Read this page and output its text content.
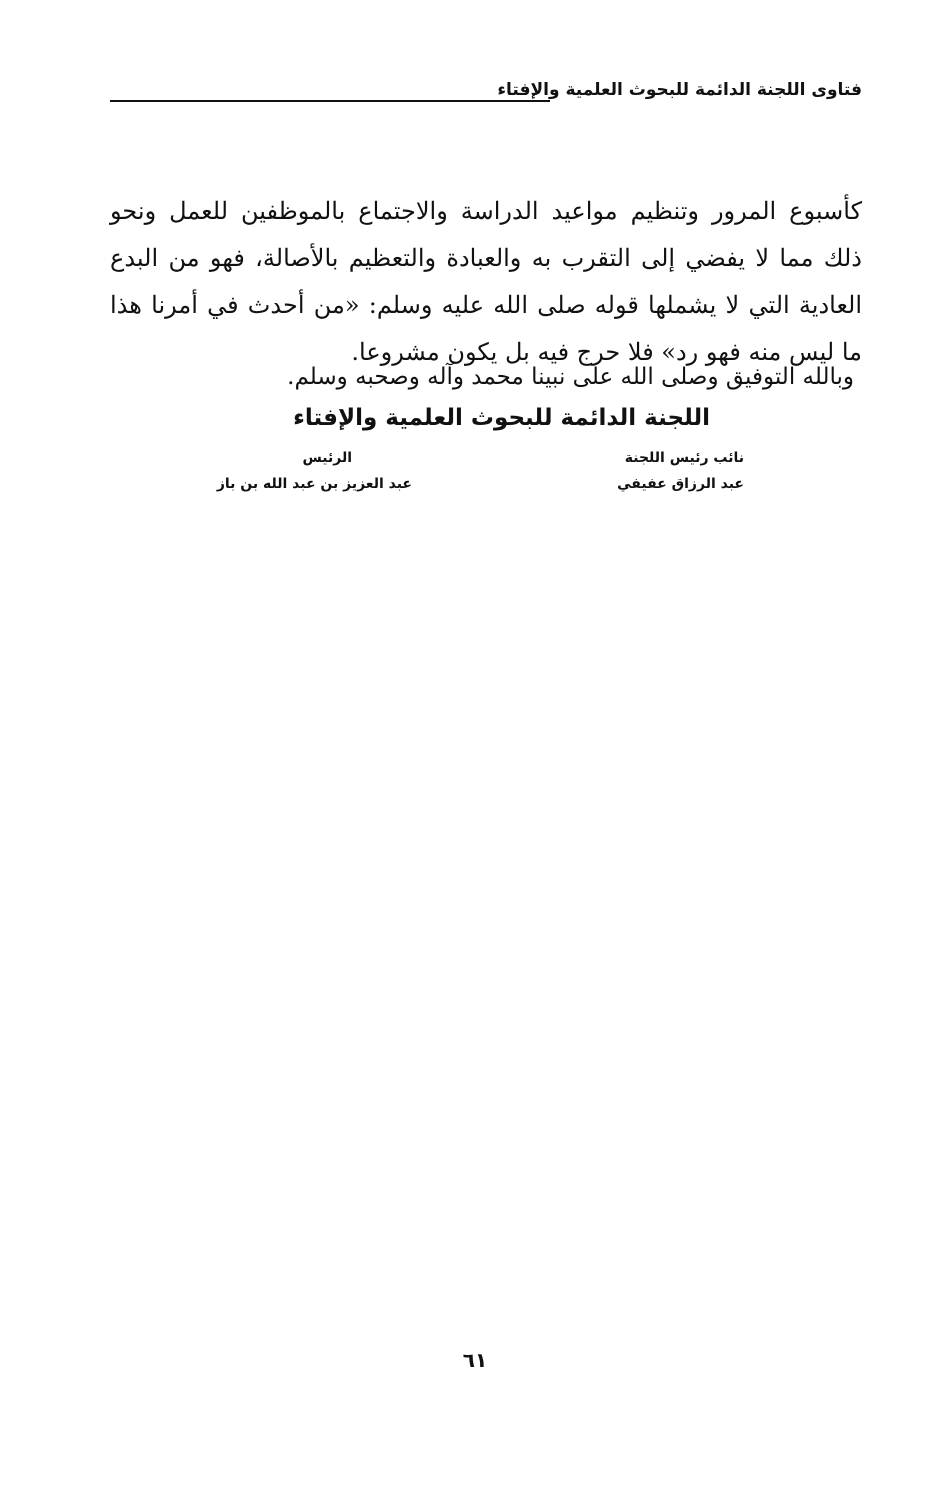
فتاوى اللجنة الدائمة للبحوث العلمية والإفتاء

كأسبوع المرور وتنظيم مواعيد الدراسة والاجتماع بالموظفين للعمل ونحو ذلك مما لا يفضي إلى التقرب به والعبادة والتعظيم بالأصالة، فهو من البدع العادية التي لا يشملها قوله صلى الله عليه وسلم: «من أحدث في أمرنا هذا ما ليس منه فهو رد» فلا حرج فيه بل يكون مشروعا.

وبالله التوفيق وصلى الله على نبينا محمد وآله وصحبه وسلم.
اللجنة الدائمة للبحوث العلمية والإفتاء
نائب رئيس اللجنة
عبد الرزاق عفيفي
الرئيس
عبد العزيز بن عبد الله بن باز
٦١
